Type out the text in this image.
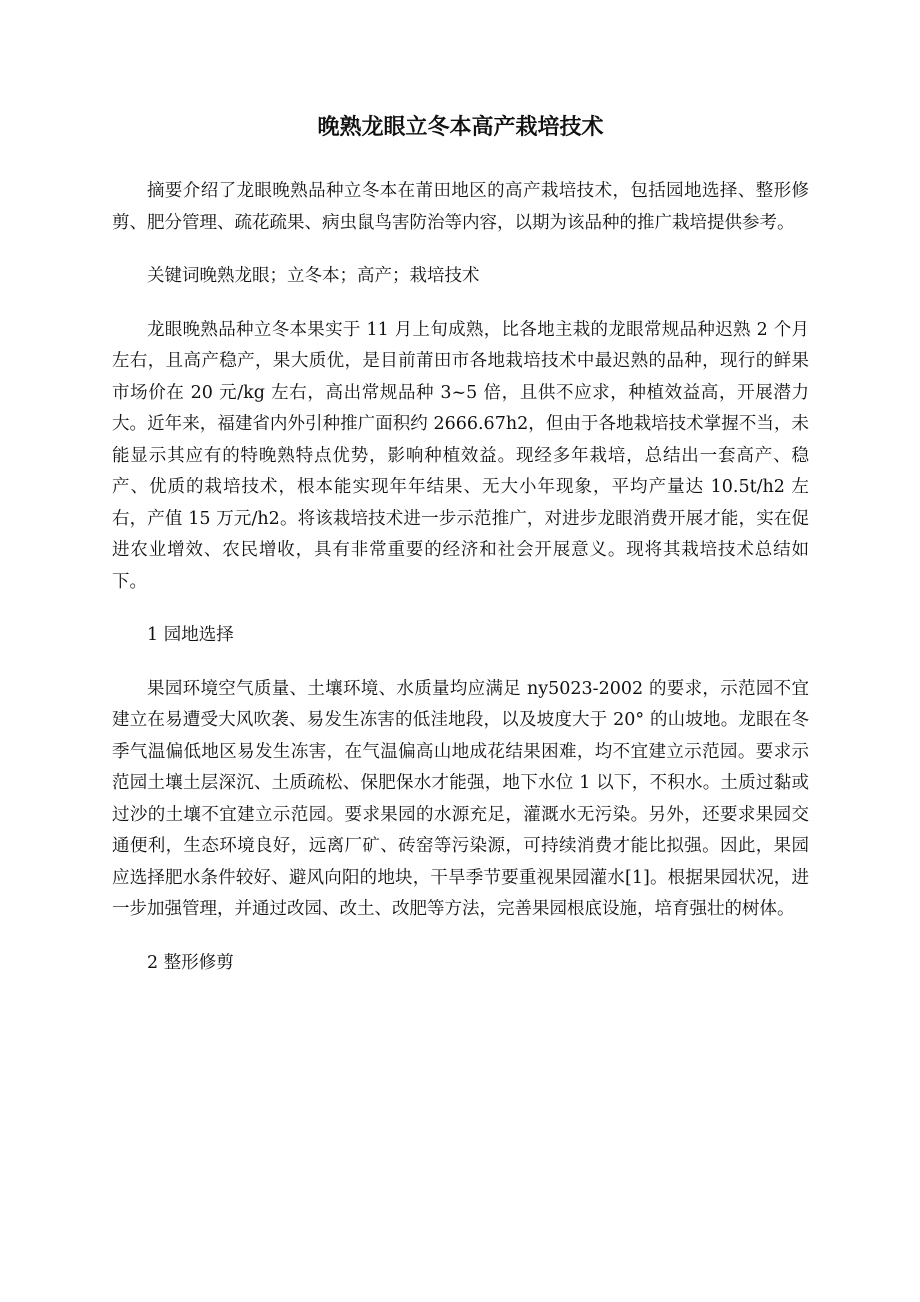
晚熟龙眼立冬本高产栽培技术

摘要介绍了龙眼晚熟品种立冬本在莆田地区的高产栽培技术，包括园地选择、整形修剪、肥分管理、疏花疏果、病虫鼠鸟害防治等内容，以期为该品种的推广栽培提供参考。

关键词晚熟龙眼；立冬本；高产；栽培技术

龙眼晚熟品种立冬本果实于 11 月上旬成熟，比各地主栽的龙眼常规品种迟熟 2 个月左右，且高产稳产，果大质优，是目前莆田市各地栽培技术中最迟熟的品种，现行的鲜果市场价在 20 元/kg 左右，高出常规品种 3~5 倍，且供不应求，种植效益高，开展潜力大。近年来，福建省内外引种推广面积约 2666.67h2，但由于各地栽培技术掌握不当，未能显示其应有的特晚熟特点优势，影响种植效益。现经多年栽培，总结出一套高产、稳产、优质的栽培技术，根本能实现年年结果、无大小年现象，平均产量达 10.5t/h2 左右，产值 15 万元/h2。将该栽培技术进一步示范推广，对进步龙眼消费开展才能，实在促进农业增效、农民增收，具有非常重要的经济和社会开展意义。现将其栽培技术总结如下。

1 园地选择

果园环境空气质量、土壤环境、水质量均应满足 ny5023-2002 的要求，示范园不宜建立在易遭受大风吹袭、易发生冻害的低洼地段，以及坡度大于 20° 的山坡地。龙眼在冬季气温偏低地区易发生冻害，在气温偏高山地成花结果困难，均不宜建立示范园。要求示范园土壤土层深沉、土质疏松、保肥保水才能强，地下水位 1 以下，不积水。土质过黏或过沙的土壤不宜建立示范园。要求果园的水源充足，灌溉水无污染。另外，还要求果园交通便利，生态环境良好，远离厂矿、砖窑等污染源，可持续消费才能比拟强。因此，果园应选择肥水条件较好、避风向阳的地块，干旱季节要重视果园灌水[1]。根据果园状况，进一步加强管理，并通过改园、改土、改肥等方法，完善果园根底设施，培育强壮的树体。

2 整形修剪
